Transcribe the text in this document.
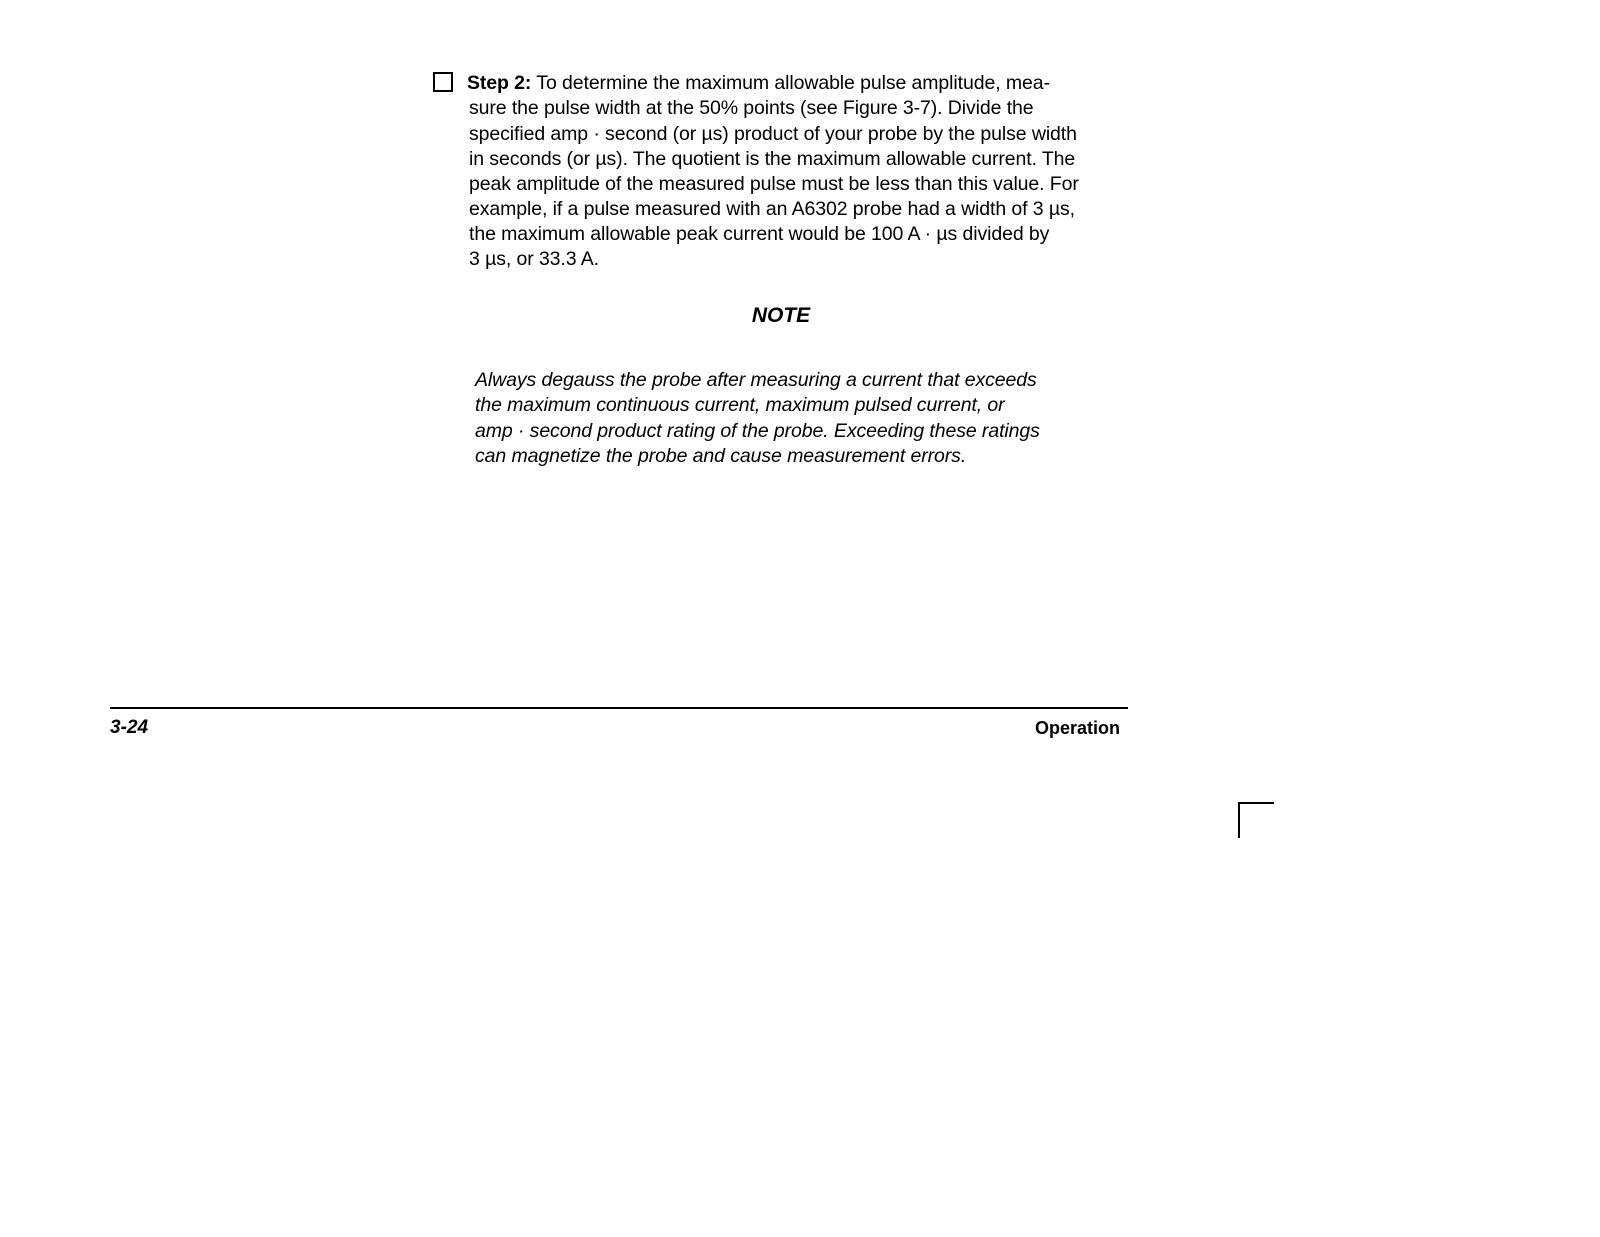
Step 2: To determine the maximum allowable pulse amplitude, mea-
sure the pulse width at the 50% points (see Figure 3-7). Divide the
specified amp · second (or µs) product of your probe by the pulse width
in seconds (or µs). The quotient is the maximum allowable current. The
peak amplitude of the measured pulse must be less than this value. For
example, if a pulse measured with an A6302 probe had a width of 3 µs,
the maximum allowable peak current would be 100 A · µs divided by
3 µs, or 33.3 A.
NOTE
Always degauss the probe after measuring a current that exceeds
the maximum continuous current, maximum pulsed current, or
amp · second product rating of the probe. Exceeding these ratings
can magnetize the probe and cause measurement errors.
3-24	Operation
